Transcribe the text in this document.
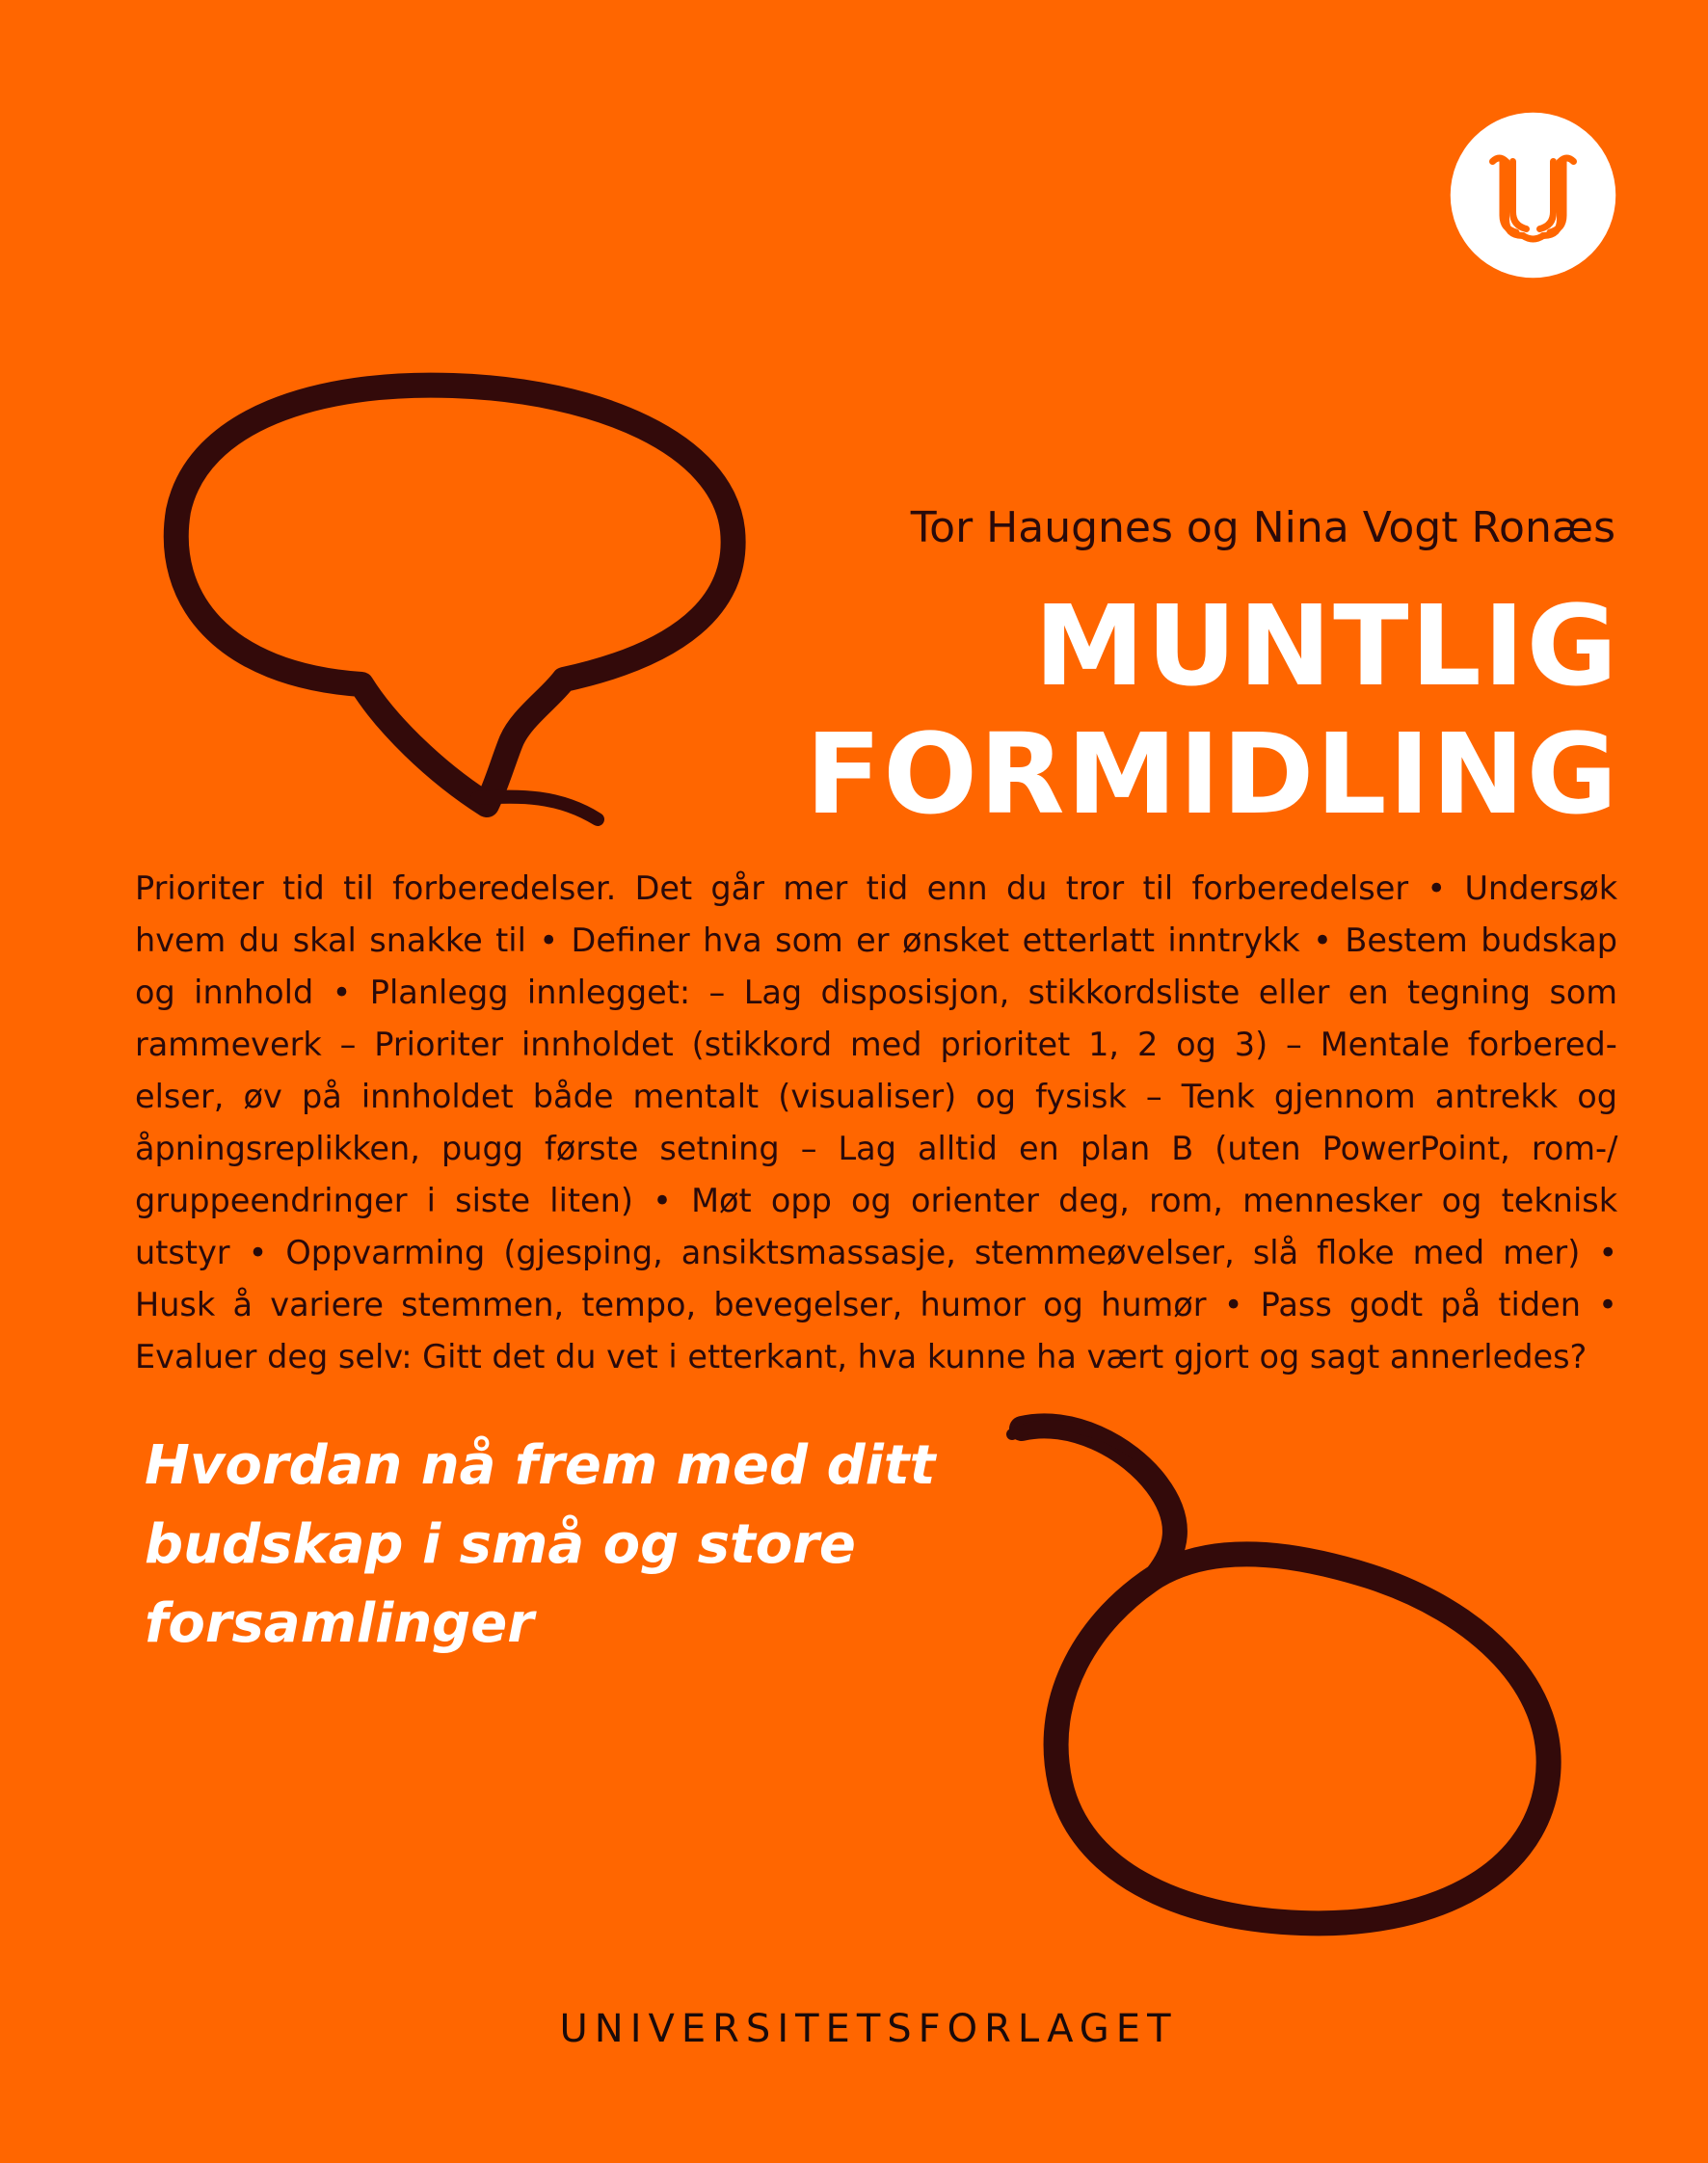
Tor Haugnes og Nina Vogt Ronæs
MUNTLIG
FORMIDLING
Prioriter tid til forberedelser. Det går mer tid enn du tror til forberedelser • Undersøk
hvem du skal snakke til • Definer hva som er ønsket etterlatt inntrykk • Bestem budskap
og innhold • Planlegg innlegget: – Lag disposisjon, stikkordsliste eller en tegning som
rammeverk – Prioriter innholdet (stikkord med prioritet 1, 2 og 3) – Mentale forbered-
elser, øv på innholdet både mentalt (visualiser) og fysisk – Tenk gjennom antrekk og
åpningsreplikken, pugg første setning – Lag alltid en plan B (uten PowerPoint, rom-/
gruppeendringer i siste liten) • Møt opp og orienter deg, rom, mennesker og teknisk
utstyr • Oppvarming (gjesping, ansiktsmassasje, stemmeøvelser, slå floke med mer) •
Husk å variere stemmen, tempo, bevegelser, humor og humør • Pass godt på tiden •
Evaluer deg selv: Gitt det du vet i etterkant, hva kunne ha vært gjort og sagt annerledes?
Hvordan nå frem med ditt
budskap i små og store
forsamlinger
UNIVERSITETSFORLAGET
